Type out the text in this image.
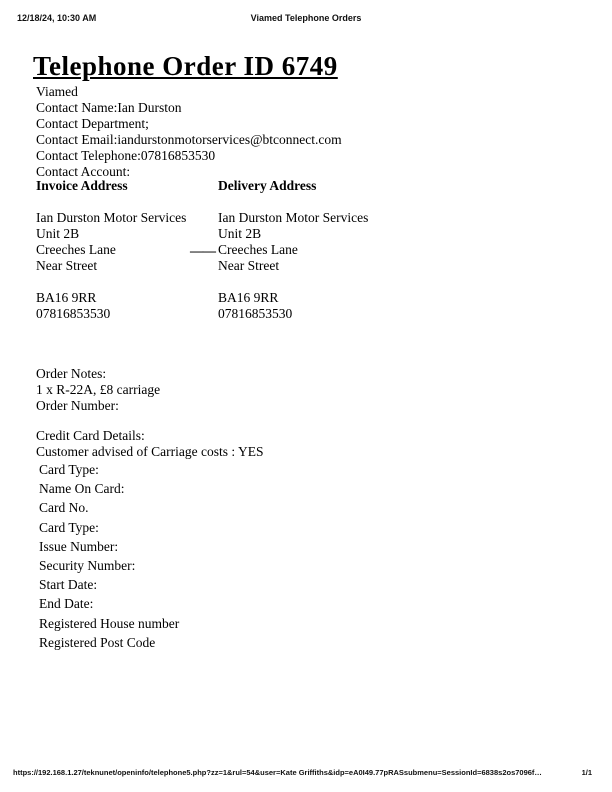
12/18/24, 10:30 AM	Viamed Telephone Orders
Telephone Order ID 6749
Viamed
Contact Name:Ian Durston
Contact Department;
Contact Email:iandurstonmotorservices@btconnect.com
Contact Telephone:07816853530
Contact Account:
Invoice Address
Ian Durston Motor Services
Unit 2B
Creeches Lane
Near Street
BA16 9RR
07816853530
Delivery Address
Ian Durston Motor Services
Unit 2B
Creeches Lane
Near Street
BA16 9RR
07816853530
——
Order Notes:
1 x R-22A, £8 carriage
Order Number:
Credit Card Details:
Customer advised of Carriage costs : YES
Card Type:
Name On Card:
Card No.
Card Type:
Issue Number:
Security Number:
Start Date:
End Date:
Registered House number
Registered Post Code
https://192.168.1.27/teknunet/openinfo/telephone5.php?zz=1&rul=54&user=Kate Griffiths&idp=eA0I49.77pRASsubmenu=SessionId=6838s2os7096f…	1/1
